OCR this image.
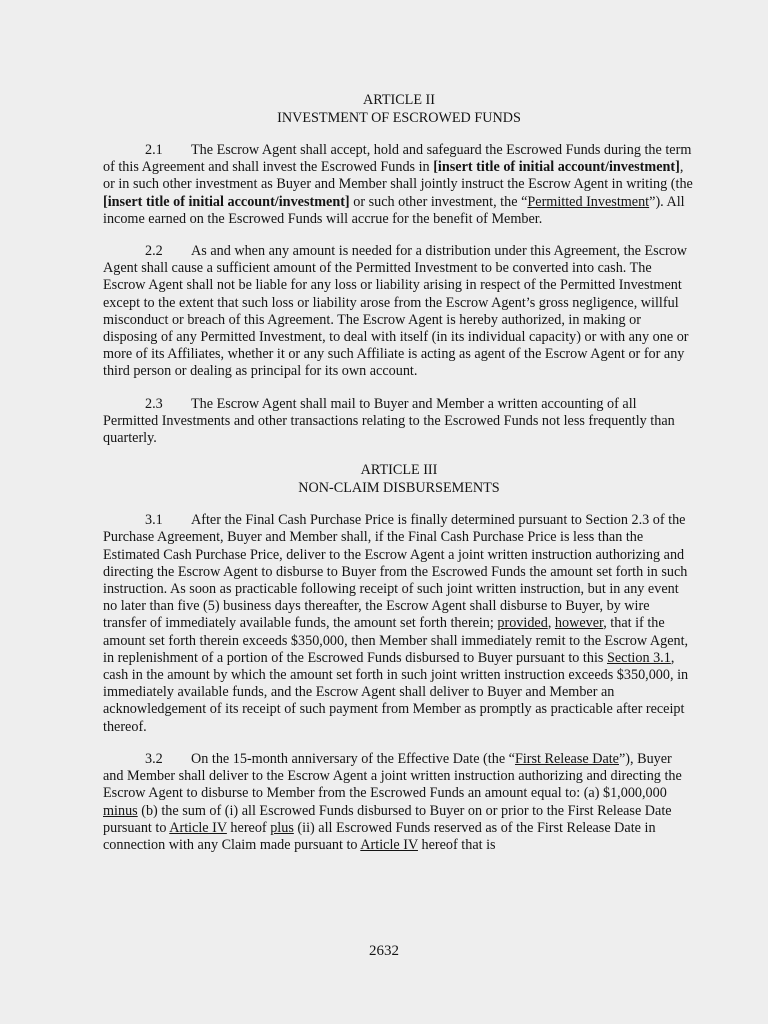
ARTICLE II

INVESTMENT OF ESCROWED FUNDS

2.1 The Escrow Agent shall accept, hold and safeguard the Escrowed Funds during the term of this Agreement and shall invest the Escrowed Funds in [insert title of initial account/investment], or in such other investment as Buyer and Member shall jointly instruct the Escrow Agent in writing (the [insert title of initial account/investment] or such other investment, the “Permitted Investment”). All income earned on the Escrowed Funds will accrue for the benefit of Member.

2.2 As and when any amount is needed for a distribution under this Agreement, the Escrow Agent shall cause a sufficient amount of the Permitted Investment to be converted into cash. The Escrow Agent shall not be liable for any loss or liability arising in respect of the Permitted Investment except to the extent that such loss or liability arose from the Escrow Agent’s gross negligence, willful misconduct or breach of this Agreement. The Escrow Agent is hereby authorized, in making or disposing of any Permitted Investment, to deal with itself (in its individual capacity) or with any one or more of its Affiliates, whether it or any such Affiliate is acting as agent of the Escrow Agent or for any third person or dealing as principal for its own account.

2.3 The Escrow Agent shall mail to Buyer and Member a written accounting of all Permitted Investments and other transactions relating to the Escrowed Funds not less frequently than quarterly.

ARTICLE III

NON-CLAIM DISBURSEMENTS

3.1 After the Final Cash Purchase Price is finally determined pursuant to Section 2.3 of the Purchase Agreement, Buyer and Member shall, if the Final Cash Purchase Price is less than the Estimated Cash Purchase Price, deliver to the Escrow Agent a joint written instruction authorizing and directing the Escrow Agent to disburse to Buyer from the Escrowed Funds the amount set forth in such instruction. As soon as practicable following receipt of such joint written instruction, but in any event no later than five (5) business days thereafter, the Escrow Agent shall disburse to Buyer, by wire transfer of immediately available funds, the amount set forth therein; provided, however, that if the amount set forth therein exceeds $350,000, then Member shall immediately remit to the Escrow Agent, in replenishment of a portion of the Escrowed Funds disbursed to Buyer pursuant to this Section 3.1, cash in the amount by which the amount set forth in such joint written instruction exceeds $350,000, in immediately available funds, and the Escrow Agent shall deliver to Buyer and Member an acknowledgement of its receipt of such payment from Member as promptly as practicable after receipt thereof.

3.2 On the 15-month anniversary of the Effective Date (the “First Release Date”), Buyer and Member shall deliver to the Escrow Agent a joint written instruction authorizing and directing the Escrow Agent to disburse to Member from the Escrowed Funds an amount equal to: (a) $1,000,000 minus (b) the sum of (i) all Escrowed Funds disbursed to Buyer on or prior to the First Release Date pursuant to Article IV hereof plus (ii) all Escrowed Funds reserved as of the First Release Date in connection with any Claim made pursuant to Article IV hereof that is

2632
